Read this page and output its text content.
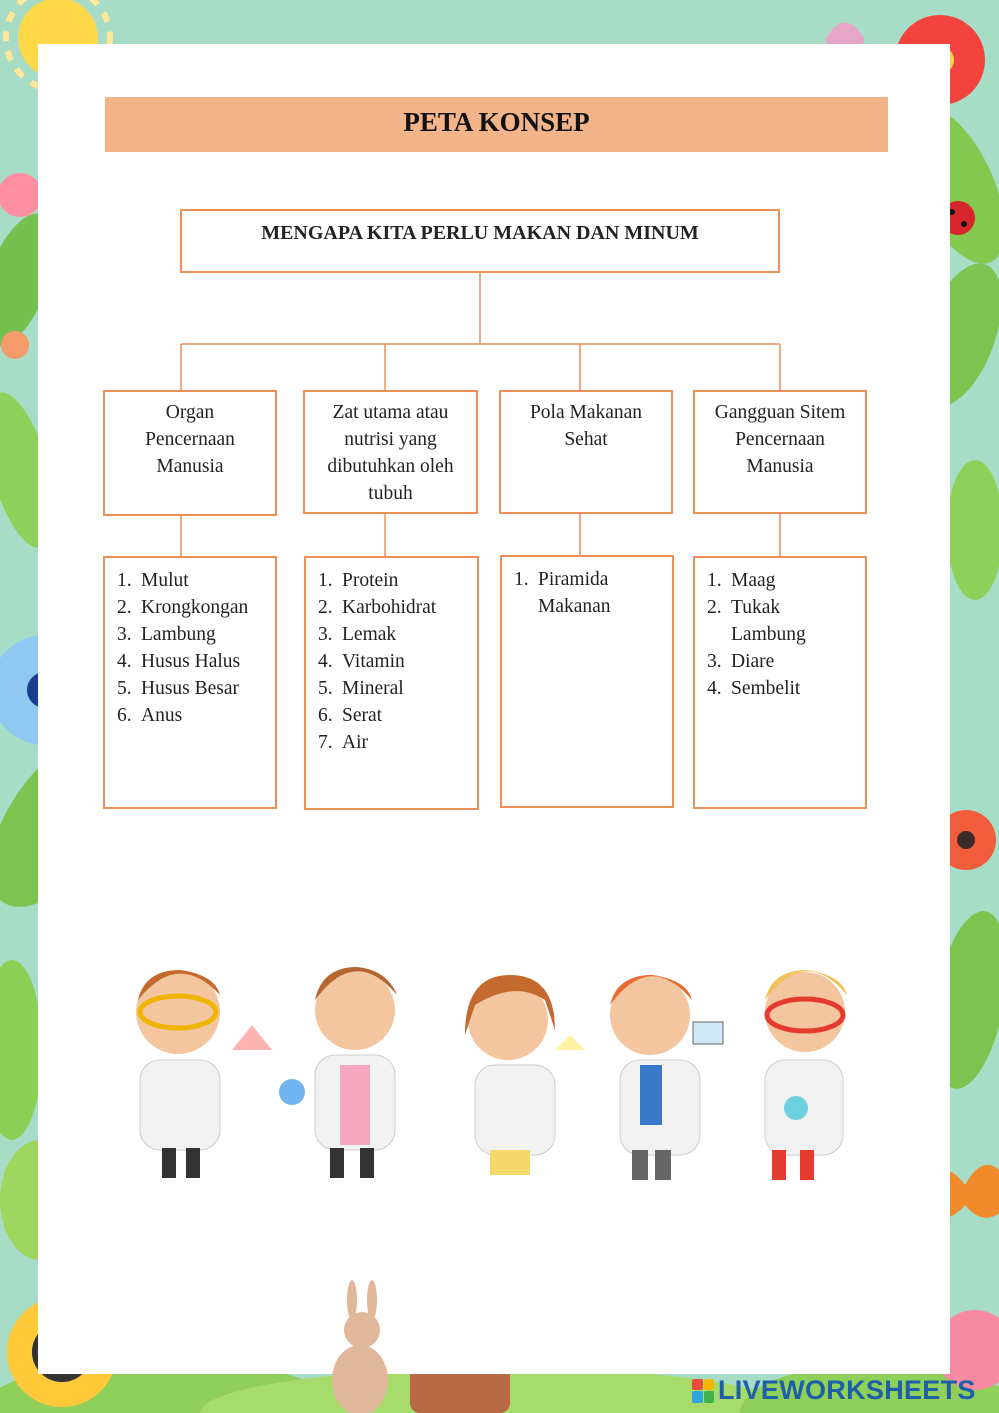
PETA KONSEP
MENGAPA KITA PERLU MAKAN DAN MINUM
Organ
Pencernaan
Manusia
Zat utama atau
nutrisi yang
dibutuhkan oleh
tubuh
Pola Makanan
Sehat
Gangguan Sitem
Pencernaan
Manusia
1. Mulut
2. Krongkongan
3. Lambung
4. Husus Halus
5. Husus Besar
6. Anus
1. Protein
2. Karbohidrat
3. Lemak
4. Vitamin
5. Mineral
6. Serat
7. Air
1. Piramida
Makanan
1. Maag
2. Tukak
Lambung
3. Diare
4. Sembelit
LIVEWORKSHEETS
